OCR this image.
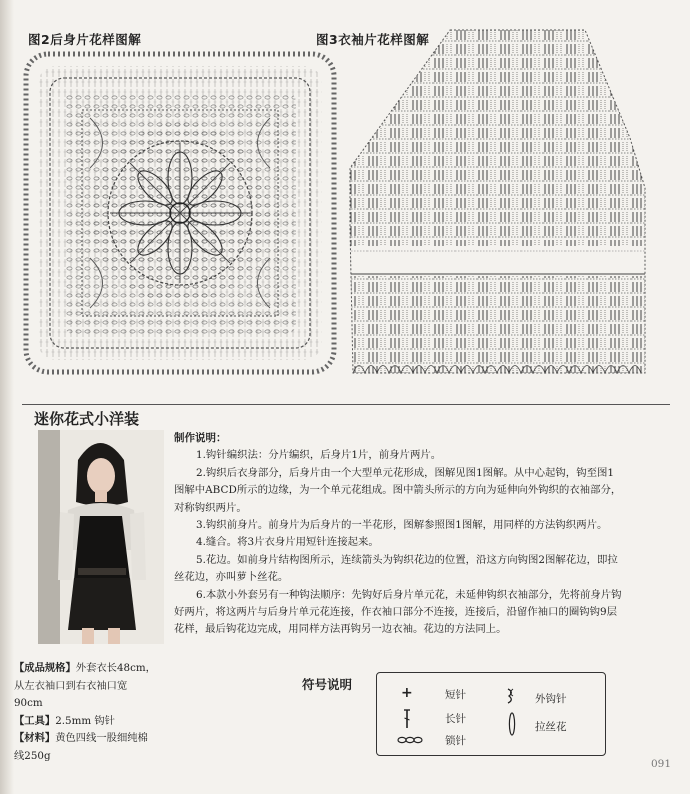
图2后身片花样图解	图3衣袖片花样图解
迷你花式小洋装

制作说明：

1.钩针编织法：分片编织，后身片1片，前身片两片。

2.钩织后衣身部分，后身片由一个大型单元花形成，图解见图1图解。从中心起钩，钩至图1

图解中ABCD所示的边缘，为一个单元花组成。图中箭头所示的方向为延伸向外钩织的衣袖部分，

对称钩织两片。

3.钩织前身片。前身片为后身片的一半花形，图解参照图1图解，用同样的方法钩织两片。

4.缝合。将3片衣身片用短针连接起来。

5.花边。如前身片结构图所示，连续箭头为钩织花边的位置，沿这方向钩图2图解花边，即拉

丝花边，亦叫萝卜丝花。

6.本款小外套另有一种钩法顺序：先钩好后身片单元花，未延伸钩织衣袖部分，先将前身片钩

好两片，将这两片与后身片单元花连接，作衣袖口部分不连接，连接后，沿留作袖口的圈钩钩9层

花样，最后钩花边完成，用同样方法再钩另一边衣袖。花边的方法同上。

【成品规格】外套衣长48cm，

从左衣袖口到右衣袖口宽

90cm

【工具】2.5mm 钩针

【材料】黄色四线一股细纯棉

线250g

符号说明
+	短针
长针
锁针
外钩针
拉丝花
091
